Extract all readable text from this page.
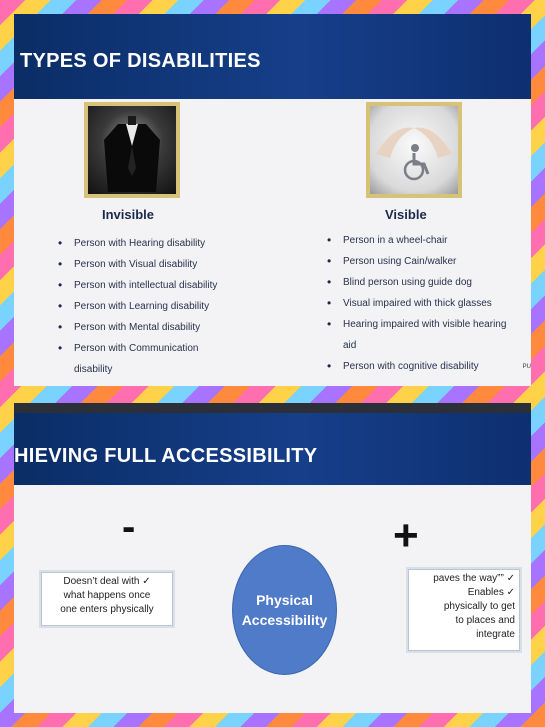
TYPES OF DISABILITIES
Invisible	Visible
• Person with Hearing disability
• Person with Visual disability
• Person with intellectual disability
• Person with Learning disability
• Person with Mental disability
• Person with Communication disability
• Person in a wheel-chair
• Person using Cain/walker
• Blind person using guide dog
• Visual impaired with thick glasses
• Hearing impaired with visible hearing aid
• Person with cognitive disability	PU
HIEVING FULL ACCESSIBILITY
-	+
Doesn’t deal with ✓
what happens once
one enters physically
Physical
Accessibility
paves the way”” ✓
Enables ✓
physically to get
to places and
integrate
